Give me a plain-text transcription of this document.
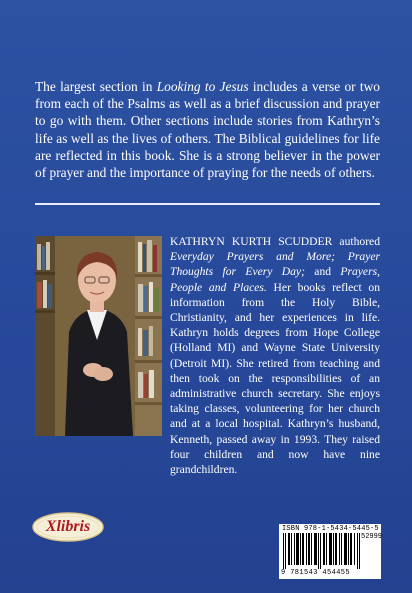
The largest section in Looking to Jesus includes a verse or two from each of the Psalms as well as a brief discussion and prayer to go with them. Other sections include stories from Kathryn’s life as well as the lives of others. The Biblical guidelines for life are reflected in this book. She is a strong believer in the power of prayer and the importance of praying for the needs of others.

KATHRYN KURTH SCUDDER authored Everyday Prayers and More; Prayer Thoughts for Every Day; and Prayers, People and Places. Her books reflect on information from the Holy Bible, Christianity, and her experiences in life. Kathryn holds degrees from Hope College (Holland MI) and Wayne State University (Detroit MI). She retired from teaching and then took on the responsibilities of an administrative church secretary. She enjoys taking classes, volunteering for her church and at a local hospital. Kathryn’s husband, Kenneth, passed away in 1993. They raised four children and now have nine grandchildren.

Xlibris	ISBN 978-1-5434-5445-5
52999
9 781543 454455
